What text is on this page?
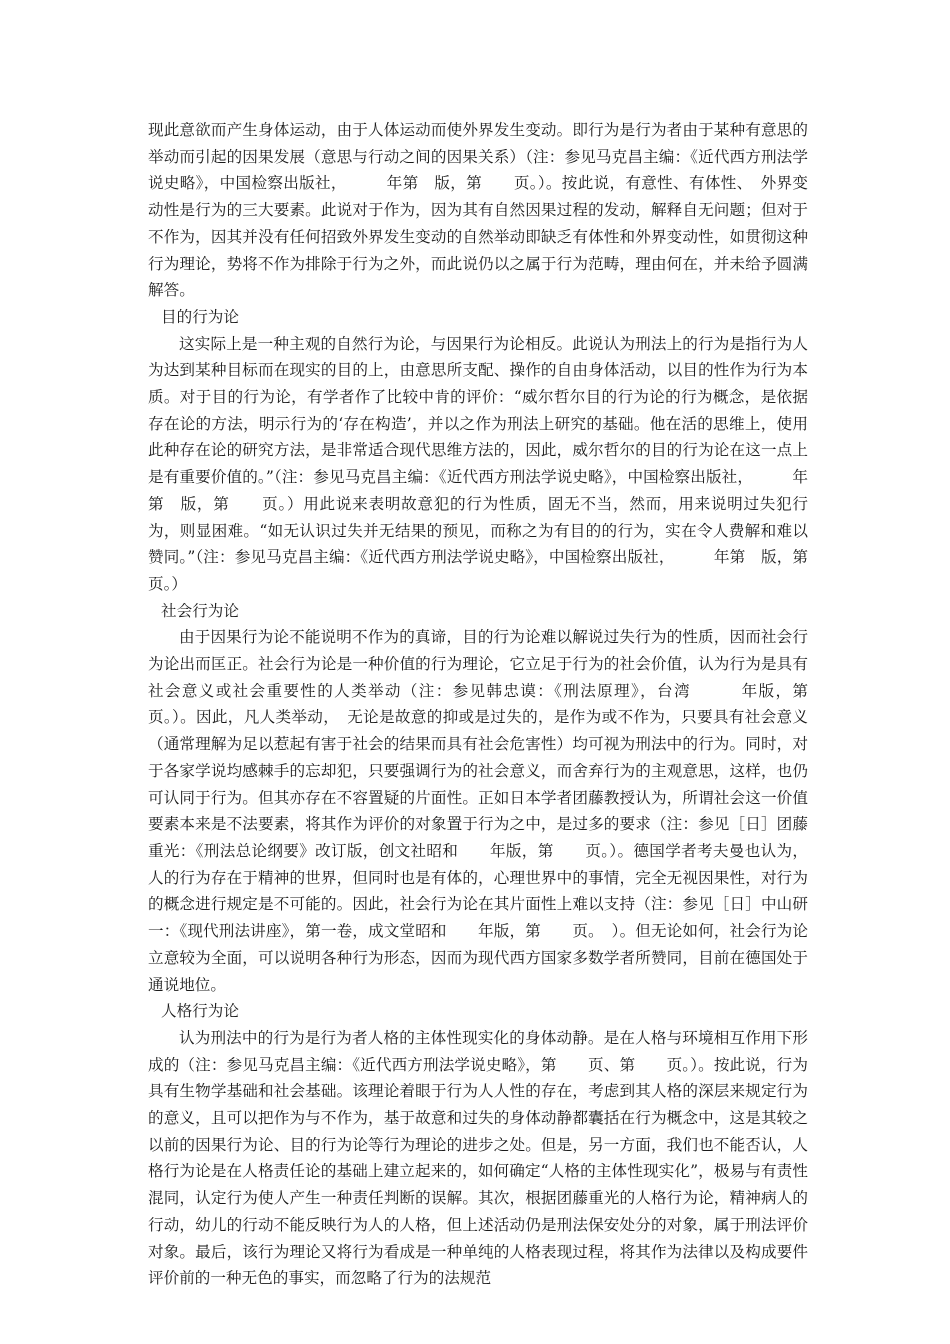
现此意欲而产生身体运动，由于人体运动而使外界发生变动。即行为是行为者由于某种有意思的举动而引起的因果发展（意思与行动之间的因果关系）（注：参见马克昌主编：《近代西方刑法学说史略》，中国检察出版社，　　　年第　版，第　　页。）。按此说，有意性、有体性、　外界变动性是行为的三大要素。此说对于作为，因为其有自然因果过程的发动，解释自无问题；但对于不作为，因其并没有任何招致外界发生变动的自然举动即缺乏有体性和外界变动性，如贯彻这种行为理论，势将不作为排除于行为之外，而此说仍以之属于行为范畴，理由何在，并未给予圆满解答。

目的行为论

这实际上是一种主观的自然行为论，与因果行为论相反。此说认为刑法上的行为是指行为人为达到某种目标而在现实的目的上，由意思所支配、操作的自由身体活动，以目的性作为行为本质。对于目的行为论，有学者作了比较中肯的评价：“威尔哲尔目的行为论的行为概念，是依据存在论的方法，明示行为的‘存在构造’，并以之作为刑法上研究的基础。他在活的思维上，使用此种存在论的研究方法，是非常适合现代思维方法的，因此，威尔哲尔的目的行为论在这一点上是有重要价值的。”（注：参见马克昌主编：《近代西方刑法学说史略》，中国检察出版社，　　　年第　版，第　　页。）用此说来表明故意犯的行为性质，固无不当，然而，用来说明过失犯行为，则显困难。“如无认识过失并无结果的预见，而称之为有目的的行为，实在令人费解和难以赞同。”（注：参见马克昌主编：《近代西方刑法学说史略》，中国检察出版社，　　　年第　版，第　　页。）

社会行为论

由于因果行为论不能说明不作为的真谛，目的行为论难以解说过失行为的性质，因而社会行为论出而匡正。社会行为论是一种价值的行为理论，它立足于行为的社会价值，认为行为是具有社会意义或社会重要性的人类举动（注：参见韩忠谟：《刑法原理》，台湾　　　年版，第　　页。）。因此，凡人类举动，　无论是故意的抑或是过失的，是作为或不作为，只要具有社会意义（通常理解为足以惹起有害于社会的结果而具有社会危害性）均可视为刑法中的行为。同时，对于各家学说均感棘手的忘却犯，只要强调行为的社会意义，而舍弃行为的主观意思，这样，也仍可认同于行为。但其亦存在不容置疑的片面性。正如日本学者团藤教授认为，所谓社会这一价值要素本来是不法要素，将其作为评价的对象置于行为之中，是过多的要求（注：参见［日］团藤重光：《刑法总论纲要》改订版，创文社昭和　　年版，第　　页。）。德国学者考夫曼也认为，人的行为存在于精神的世界，但同时也是有体的，心理世界中的事情，完全无视因果性，对行为的概念进行规定是不可能的。因此，社会行为论在其片面性上难以支持（注：参见［日］中山研一：《现代刑法讲座》，第一卷，成文堂昭和　　年版，第　　页。　）。但无论如何，社会行为论立意较为全面，可以说明各种行为形态，因而为现代西方国家多数学者所赞同，目前在德国处于通说地位。

人格行为论

认为刑法中的行为是行为者人格的主体性现实化的身体动静。是在人格与环境相互作用下形成的（注：参见马克昌主编：《近代西方刑法学说史略》，第　　页、第　　页。）。按此说，行为具有生物学基础和社会基础。该理论着眼于行为人人性的存在，考虑到其人格的深层来规定行为的意义，且可以把作为与不作为，基于故意和过失的身体动静都囊括在行为概念中，这是其较之以前的因果行为论、目的行为论等行为理论的进步之处。但是，另一方面，我们也不能否认，人格行为论是在人格责任论的基础上建立起来的，如何确定“人格的主体性现实化”，极易与有责性混同，认定行为使人产生一种责任判断的误解。其次，根据团藤重光的人格行为论，精神病人的行动，幼儿的行动不能反映行为人的人格，但上述活动仍是刑法保安处分的对象，属于刑法评价对象。最后，该行为理论又将行为看成是一种单纯的人格表现过程，将其作为法律以及构成要件评价前的一种无色的事实，而忽略了行为的法规范
